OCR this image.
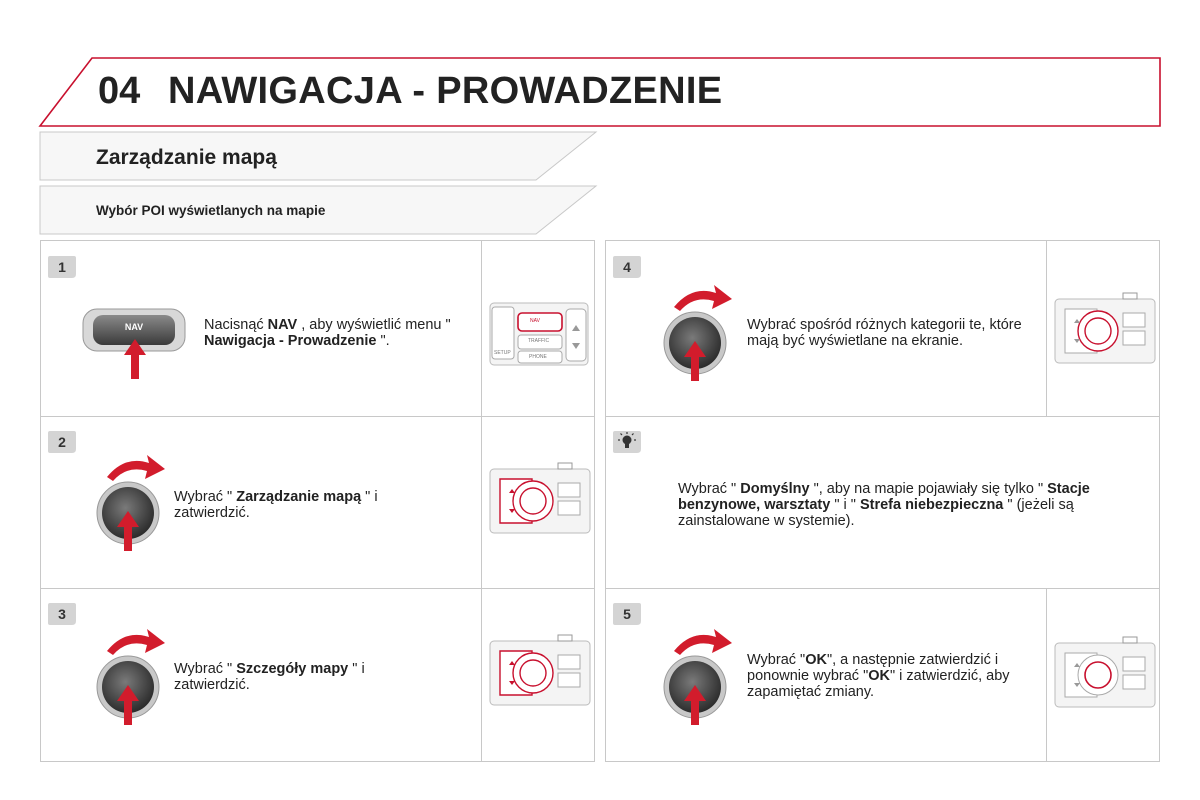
04 NAWIGACJA - PROWADZENIE
Zarządzanie mapą
Wybór POI wyświetlanych na mapie
1
NAV	Nacisnąć NAV , aby wyświetlić menu " Nawigacja - Prowadzenie ".
NAV
TRAFFIC
SETUP
PHONE
2
Wybrać " Zarządzanie mapą " i zatwierdzić.
3
Wybrać " Szczegóły mapy " i zatwierdzić.
4
Wybrać spośród różnych kategorii te, które mają być wyświetlane na ekranie.
Wybrać " Domyślny ", aby na mapie pojawiały się tylko " Stacje benzynowe, warsztaty " i " Strefa niebezpieczna " (jeżeli są zainstalowane w systemie).
5
Wybrać "OK", a następnie zatwierdzić i ponownie wybrać "OK" i zatwierdzić, aby zapamiętać zmiany.
